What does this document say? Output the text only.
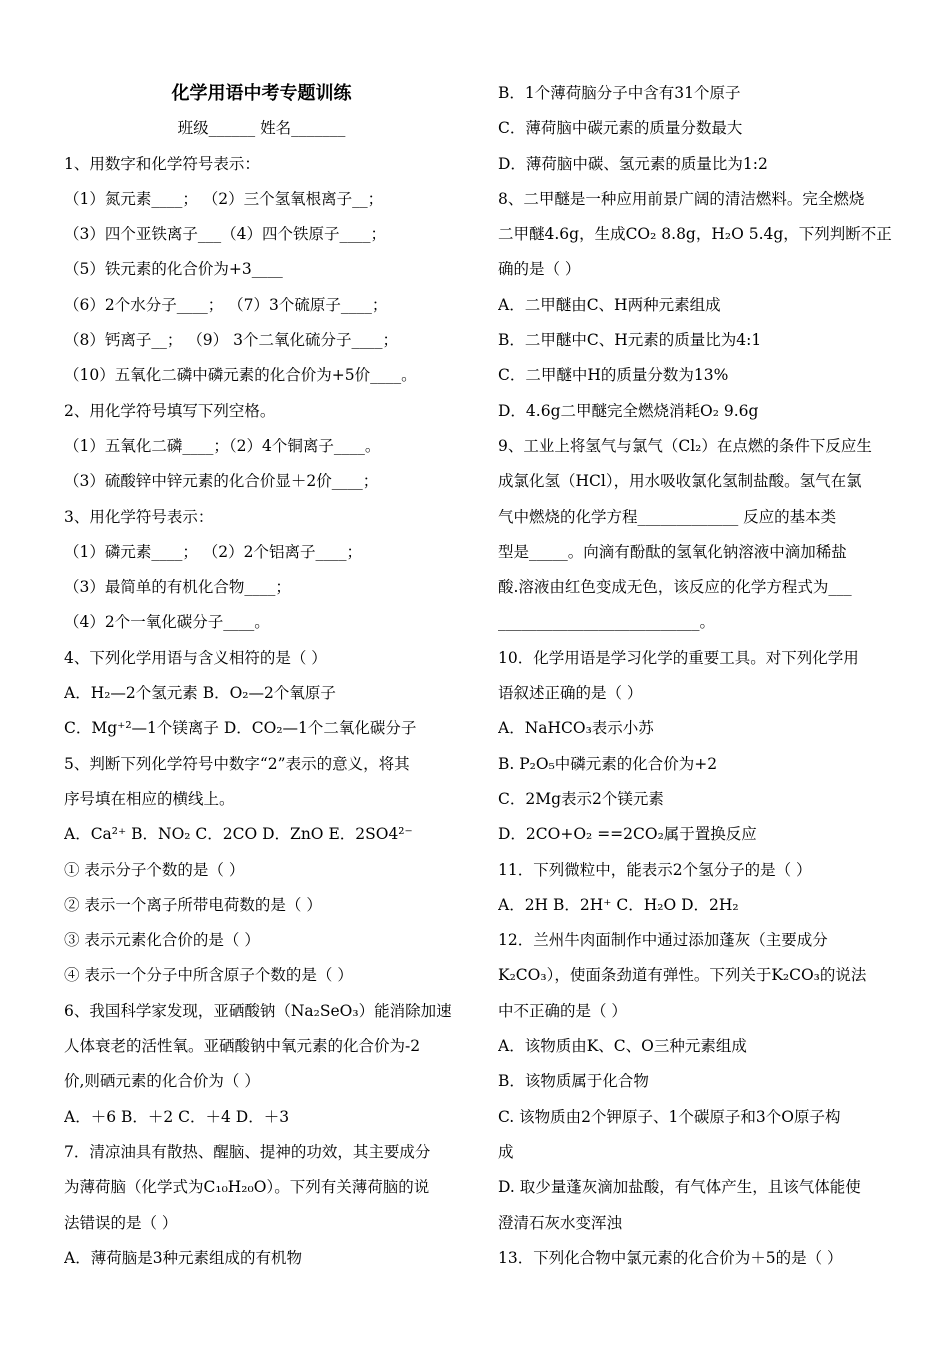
化学用语中考专题训练
班级______ 姓名_______
1、用数字和化学符号表示：
（1）氮元素____； （2）三个氢氧根离子__；
（3）四个亚铁离子___（4）四个铁原子____；
（5）铁元素的化合价为+3____
（6）2个水分子____； （7）3个硫原子____；
（8）钙离子__； （9） 3个二氧化硫分子____；
（10）五氧化二磷中磷元素的化合价为+5价____。
2、用化学符号填写下列空格。
（1）五氧化二磷____；（2）4个铜离子____。
（3）硫酸锌中锌元素的化合价显＋2价____；
3、用化学符号表示：
（1）磷元素____； （2）2个铝离子____；
（3）最简单的有机化合物____；
（4）2个一氧化碳分子____。
4、下列化学用语与含义相符的是（ ）
A．H₂—2个氢元素 B．O₂—2个氧原子
C．Mg⁺²—1个镁离子 D．CO₂—1个二氧化碳分子
5、判断下列化学符号中数字“2”表示的意义，将其
序号填在相应的横线上。
A．Ca²⁺ B．NO₂ C．2CO D．ZnO E．2SO4²⁻
① 表示分子个数的是（ ）
② 表示一个离子所带电荷数的是（ ）
③ 表示元素化合价的是（ ）
④ 表示一个分子中所含原子个数的是（ ）
6、我国科学家发现，亚硒酸钠（Na₂SeO₃）能消除加速
人体衰老的活性氧。亚硒酸钠中氧元素的化合价为-2
价,则硒元素的化合价为（ ）
A．＋6 B．＋2 C．＋4 D．＋3
7．清凉油具有散热、醒脑、提神的功效，其主要成分
为薄荷脑（化学式为C₁₀H₂₀O）。下列有关薄荷脑的说
法错误的是（ ）
A．薄荷脑是3种元素组成的有机物
B．1个薄荷脑分子中含有31个原子
C．薄荷脑中碳元素的质量分数最大
D．薄荷脑中碳、氢元素的质量比为1:2
8、二甲醚是一种应用前景广阔的清洁燃料。完全燃烧
二甲醚4.6g，生成CO₂ 8.8g，H₂O 5.4g，下列判断不正
确的是（ ）
A．二甲醚由C、H两种元素组成
B．二甲醚中C、H元素的质量比为4:1
C．二甲醚中H的质量分数为13%
D．4.6g二甲醚完全燃烧消耗O₂ 9.6g
9、工业上将氢气与氯气（Cl₂）在点燃的条件下反应生
成氯化氢（HCl），用水吸收氯化氢制盐酸。氢气在氯
气中燃烧的化学方程_____________ 反应的基本类
型是_____。向滴有酚酞的氢氧化钠溶液中滴加稀盐
酸.溶液由红色变成无色，该反应的化学方程式为___
__________________________。
10．化学用语是学习化学的重要工具。对下列化学用
语叙述正确的是（ ）
A．NaHCO₃表示小苏
B. P₂O₅中磷元素的化合价为+2
C．2Mg表示2个镁元素
D．2CO+O₂ ==2CO₂属于置换反应
11．下列微粒中，能表示2个氢分子的是（ ）
A．2H B．2H⁺ C．H₂O D．2H₂
12．兰州牛肉面制作中通过添加蓬灰（主要成分
K₂CO₃），使面条劲道有弹性。下列关于K₂CO₃的说法
中不正确的是（ ）
A．该物质由K、C、O三种元素组成
B．该物质属于化合物
C. 该物质由2个钾原子、1个碳原子和3个O原子构
成
D. 取少量蓬灰滴加盐酸，有气体产生，且该气体能使
澄清石灰水变浑浊
13．下列化合物中氯元素的化合价为＋5的是（ ）
